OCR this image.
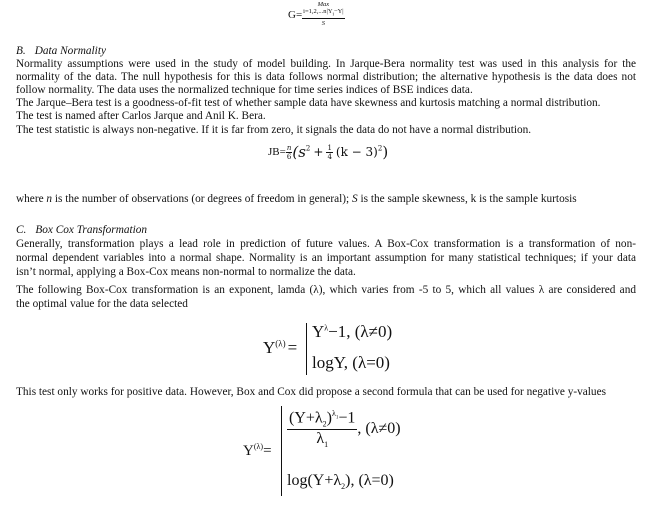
G= Max
$i=1,2,...n|Y_i-Y|$
S
B. Data Normality
Normality assumptions were used in the study of model building. In Jarque-Bera normality test was used in this analysis for the
normality of the data. The null hypothesis for this is data follows normal distribution; the alternative hypothesis is the data does not
follow normality. The data uses the normalized technique for time series indices of BSE indices data.
The Jarque–Bera test is a goodness-of-fit test of whether sample data have skewness and kurtosis matching a normal distribution.
The test is named after Carlos Jarque and Anil K. Bera.
The test statistic is always non-negative. If it is far from zero, it signals the data do not have a normal distribution.
$JB= \frac{n}{6} (s^2 + \frac{1}{4} (k - 3)^2)$
where n is the number of observations (or degrees of freedom in general); S is the sample skewness, k is the sample kurtosis
C. Box Cox Transformation
Generally, transformation plays a lead role in prediction of future values. A Box-Cox transformation is a transformation of non-
normal dependent variables into a normal shape. Normality is an important assumption for many statistical techniques; if your data
isn’t normal, applying a Box-Cox means non-normal to normalize the data.
The following Box-Cox transformation is an exponent, lamda (λ), which varies from -5 to 5, which all values λ are considered and
the optimal value for the data selected
$Y^{(\lambda)}$ =
$Y^\lambda-1$, (λ≠0)
logY, (λ=0)
This test only works for positive data. However, Box and Cox did propose a second formula that can be used for negative y-values
$Y^{(\lambda)}=$
$\frac{(Y+\lambda_2)^{\lambda_1}-1}{\lambda_1}$ , (λ≠0)
$\log(Y+\lambda_2)$, (λ=0)
